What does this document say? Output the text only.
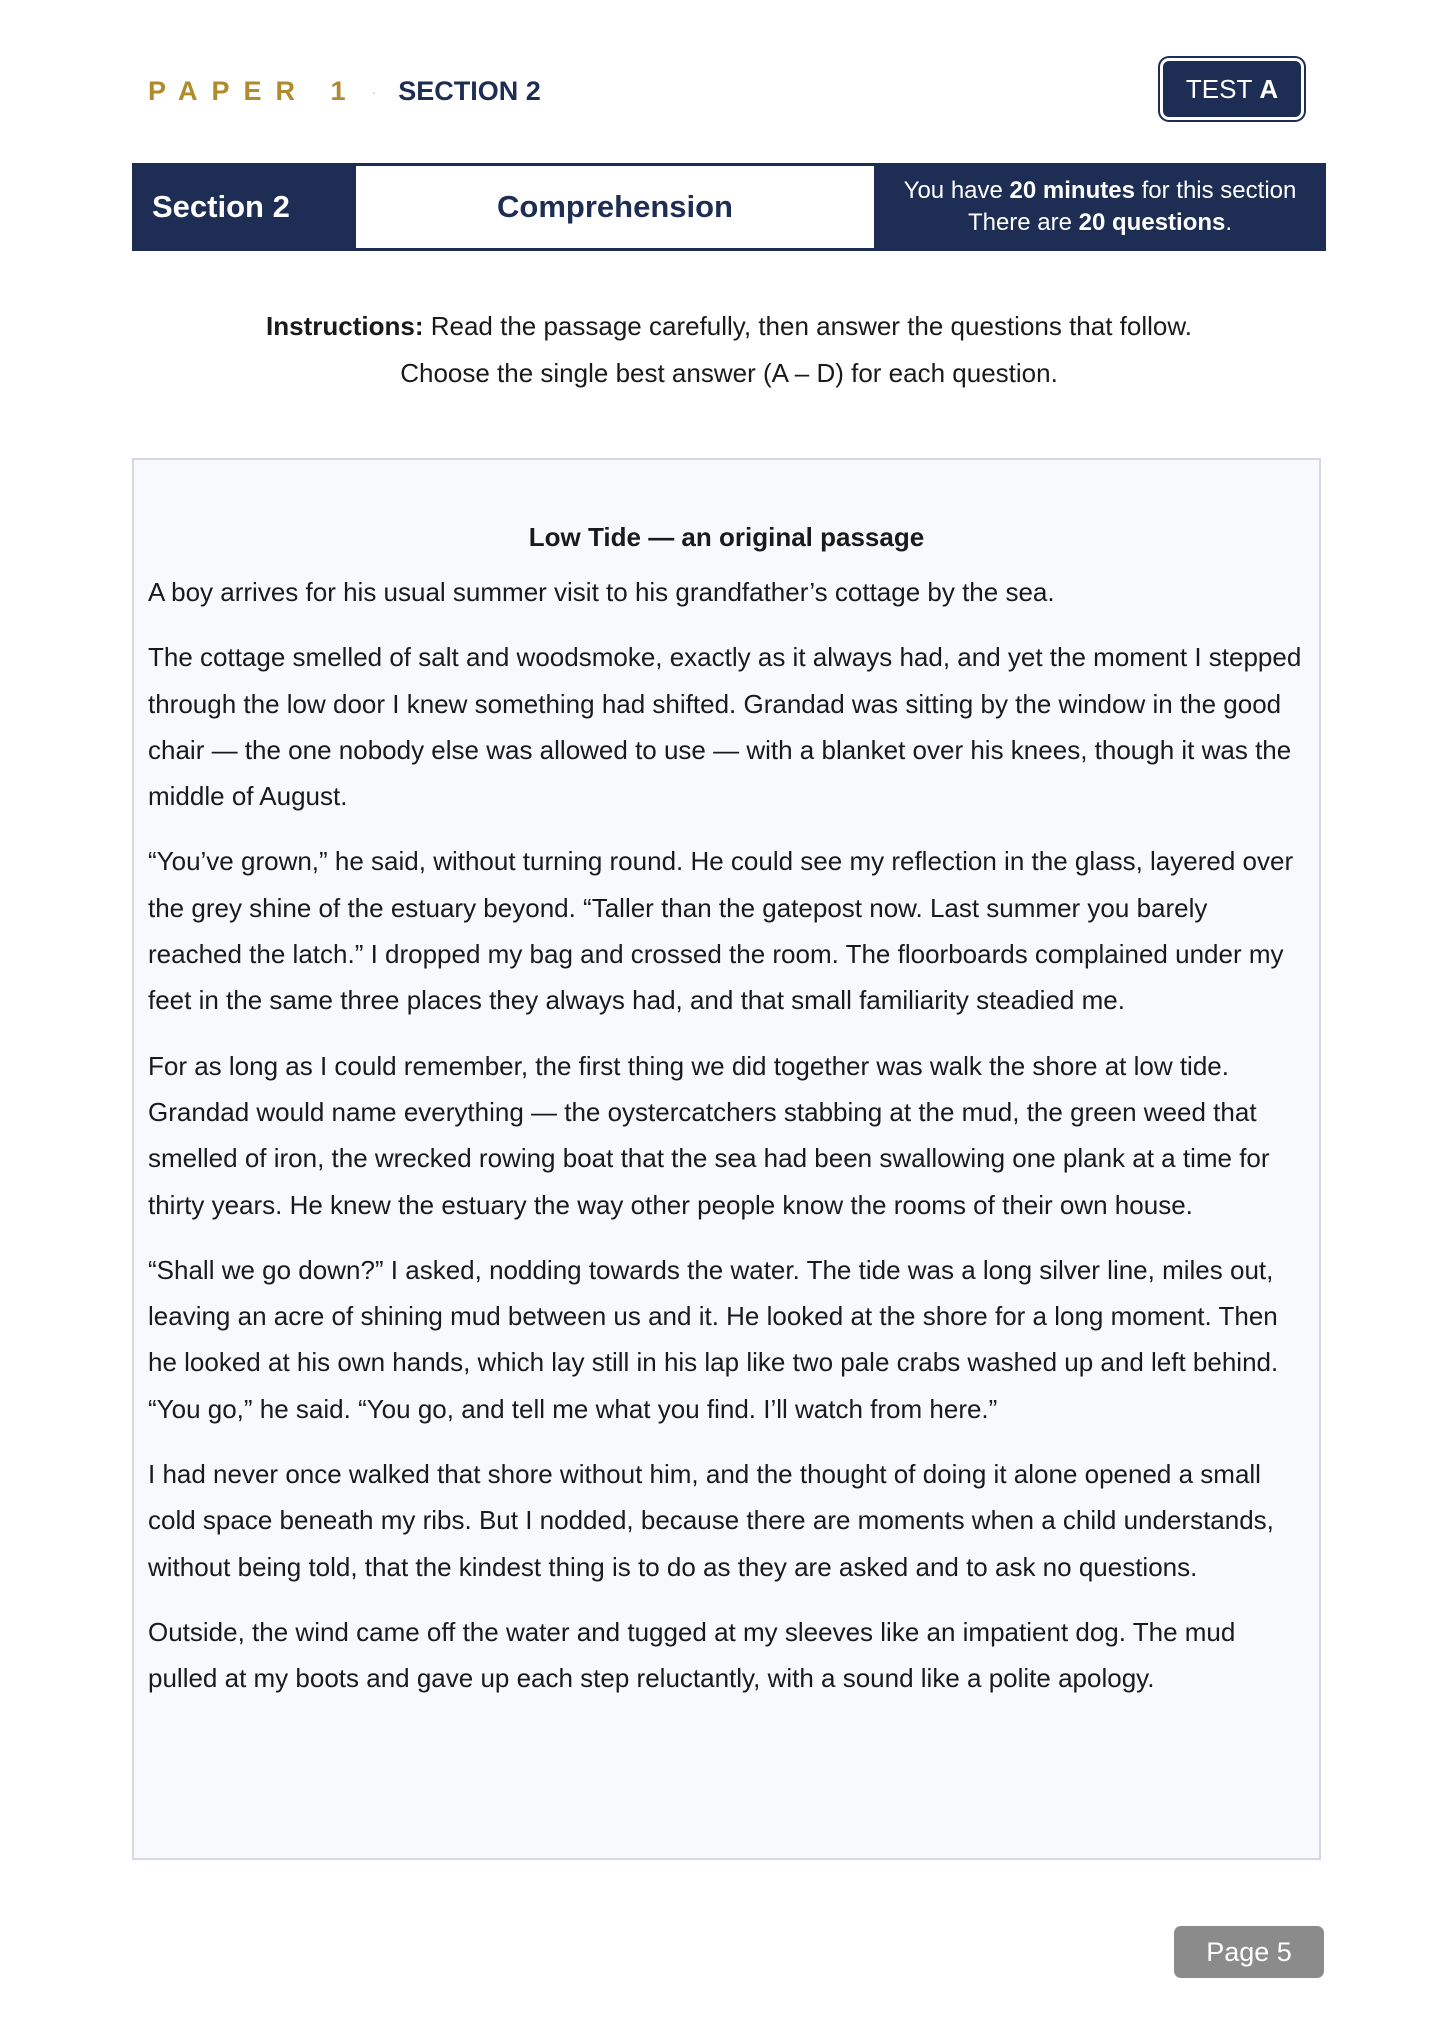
PAPER 1 · SECTION 2	TEST A
Section 2	Comprehension	You have 20 minutes for this section
There are 20 questions.
Instructions: Read the passage carefully, then answer the questions that follow.
Choose the single best answer (A – D) for each question.

Low Tide — an original passage

A boy arrives for his usual summer visit to his grandfather’s cottage by the sea.

The cottage smelled of salt and woodsmoke, exactly as it always had, and yet the moment I stepped through the low door I knew something had shifted. Grandad was sitting by the window in the good chair — the one nobody else was allowed to use — with a blanket over his knees, though it was the middle of August.

“You’ve grown,” he said, without turning round. He could see my reflection in the glass, layered over the grey shine of the estuary beyond. “Taller than the gatepost now. Last summer you barely reached the latch.” I dropped my bag and crossed the room. The floorboards complained under my feet in the same three places they always had, and that small familiarity steadied me.

For as long as I could remember, the first thing we did together was walk the shore at low tide. Grandad would name everything — the oystercatchers stabbing at the mud, the green weed that smelled of iron, the wrecked rowing boat that the sea had been swallowing one plank at a time for thirty years. He knew the estuary the way other people know the rooms of their own house.

“Shall we go down?” I asked, nodding towards the water. The tide was a long silver line, miles out, leaving an acre of shining mud between us and it. He looked at the shore for a long moment. Then he looked at his own hands, which lay still in his lap like two pale crabs washed up and left behind. “You go,” he said. “You go, and tell me what you find. I’ll watch from here.”

I had never once walked that shore without him, and the thought of doing it alone opened a small cold space beneath my ribs. But I nodded, because there are moments when a child understands, without being told, that the kindest thing is to do as they are asked and to ask no questions.

Outside, the wind came off the water and tugged at my sleeves like an impatient dog. The mud pulled at my boots and gave up each step reluctantly, with a sound like a polite apology.

Page 5
